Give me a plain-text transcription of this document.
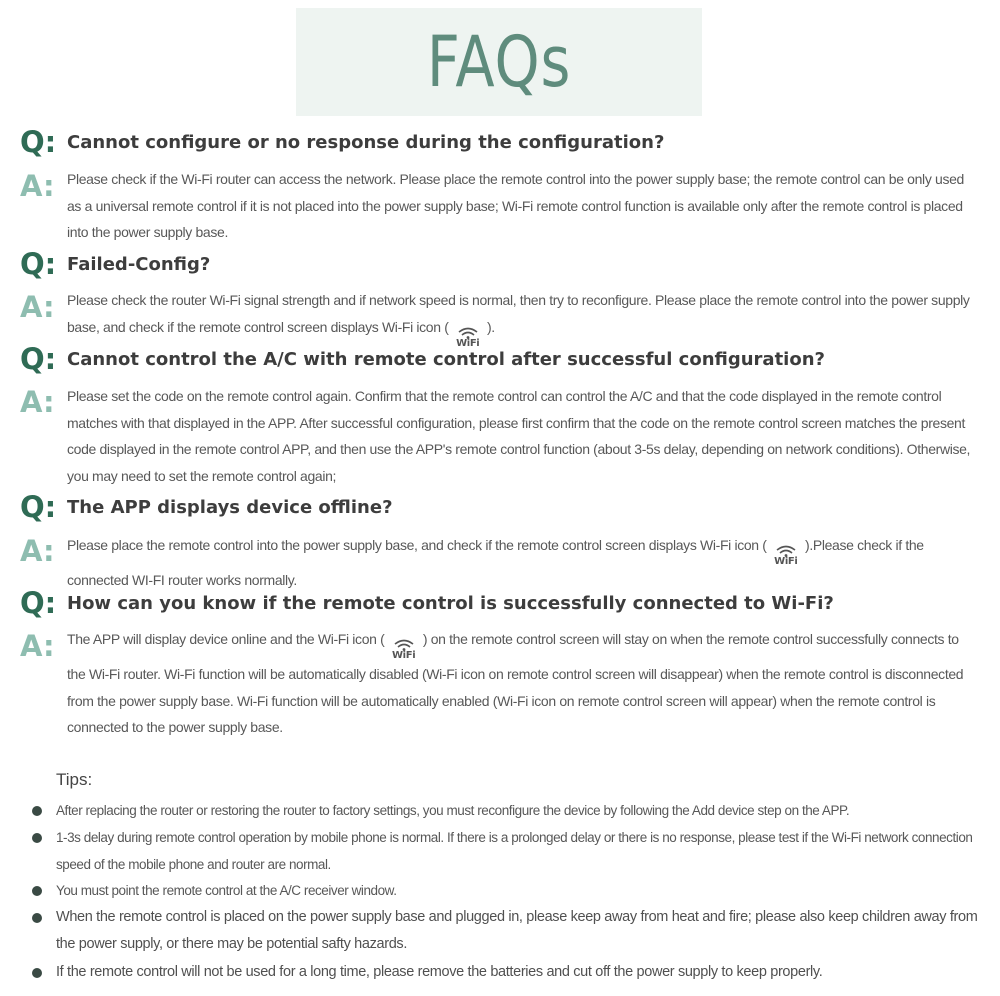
FAQs
Q: Cannot configure or no response during the configuration?
A: Please check if the Wi-Fi router can access the network. Please place the remote control into the power supply base; the remote control can be only used as a universal remote control if it is not placed into the power supply base; Wi-Fi remote control function is available only after the remote control is placed into the power supply base.
Q: Failed-Config?
A: Please check the router Wi-Fi signal strength and if network speed is normal, then try to reconfigure. Please place the remote control into the power supply base, and check if the remote control screen displays Wi-Fi icon (
WiFi
).
Q: Cannot control the A/C with remote control after successful configuration?
A: Please set the code on the remote control again. Confirm that the remote control can control the A/C and that the code displayed in the remote control matches with that displayed in the APP. After successful configuration, please first confirm that the code on the remote control screen matches the present code displayed in the remote control APP, and then use the APP's remote control function (about 3-5s delay, depending on network conditions). Otherwise, you may need to set the remote control again;
Q: The APP displays device offline?
A: Please place the remote control into the power supply base, and check if the remote control screen displays Wi-Fi icon (
WiFi
).Please check if the connected WI-FI router works normally.
Q: How can you know if the remote control is successfully connected to Wi-Fi?
A: The APP will display device online and the Wi-Fi icon (
WiFi
) on the remote control screen will stay on when the remote control successfully connects to the Wi-Fi router. Wi-Fi function will be automatically disabled (Wi-Fi icon on remote control screen will disappear) when the remote control is disconnected from the power supply base. Wi-Fi function will be automatically enabled (Wi-Fi icon on remote control screen will appear) when the remote control is connected to the power supply base.
Tips:
After replacing the router or restoring the router to factory settings, you must reconfigure the device by following the Add device step on the APP.
1-3s delay during remote control operation by mobile phone is normal. If there is a prolonged delay or there is no response, please test if the Wi-Fi network connection speed of the mobile phone and router are normal.
You must point the remote control at the A/C receiver window.
When the remote control is placed on the power supply base and plugged in, please keep away from heat and fire; please also keep children away from the power supply, or there may be potential safty hazards.
If the remote control will not be used for a long time, please remove the batteries and cut off the power supply to keep properly.
